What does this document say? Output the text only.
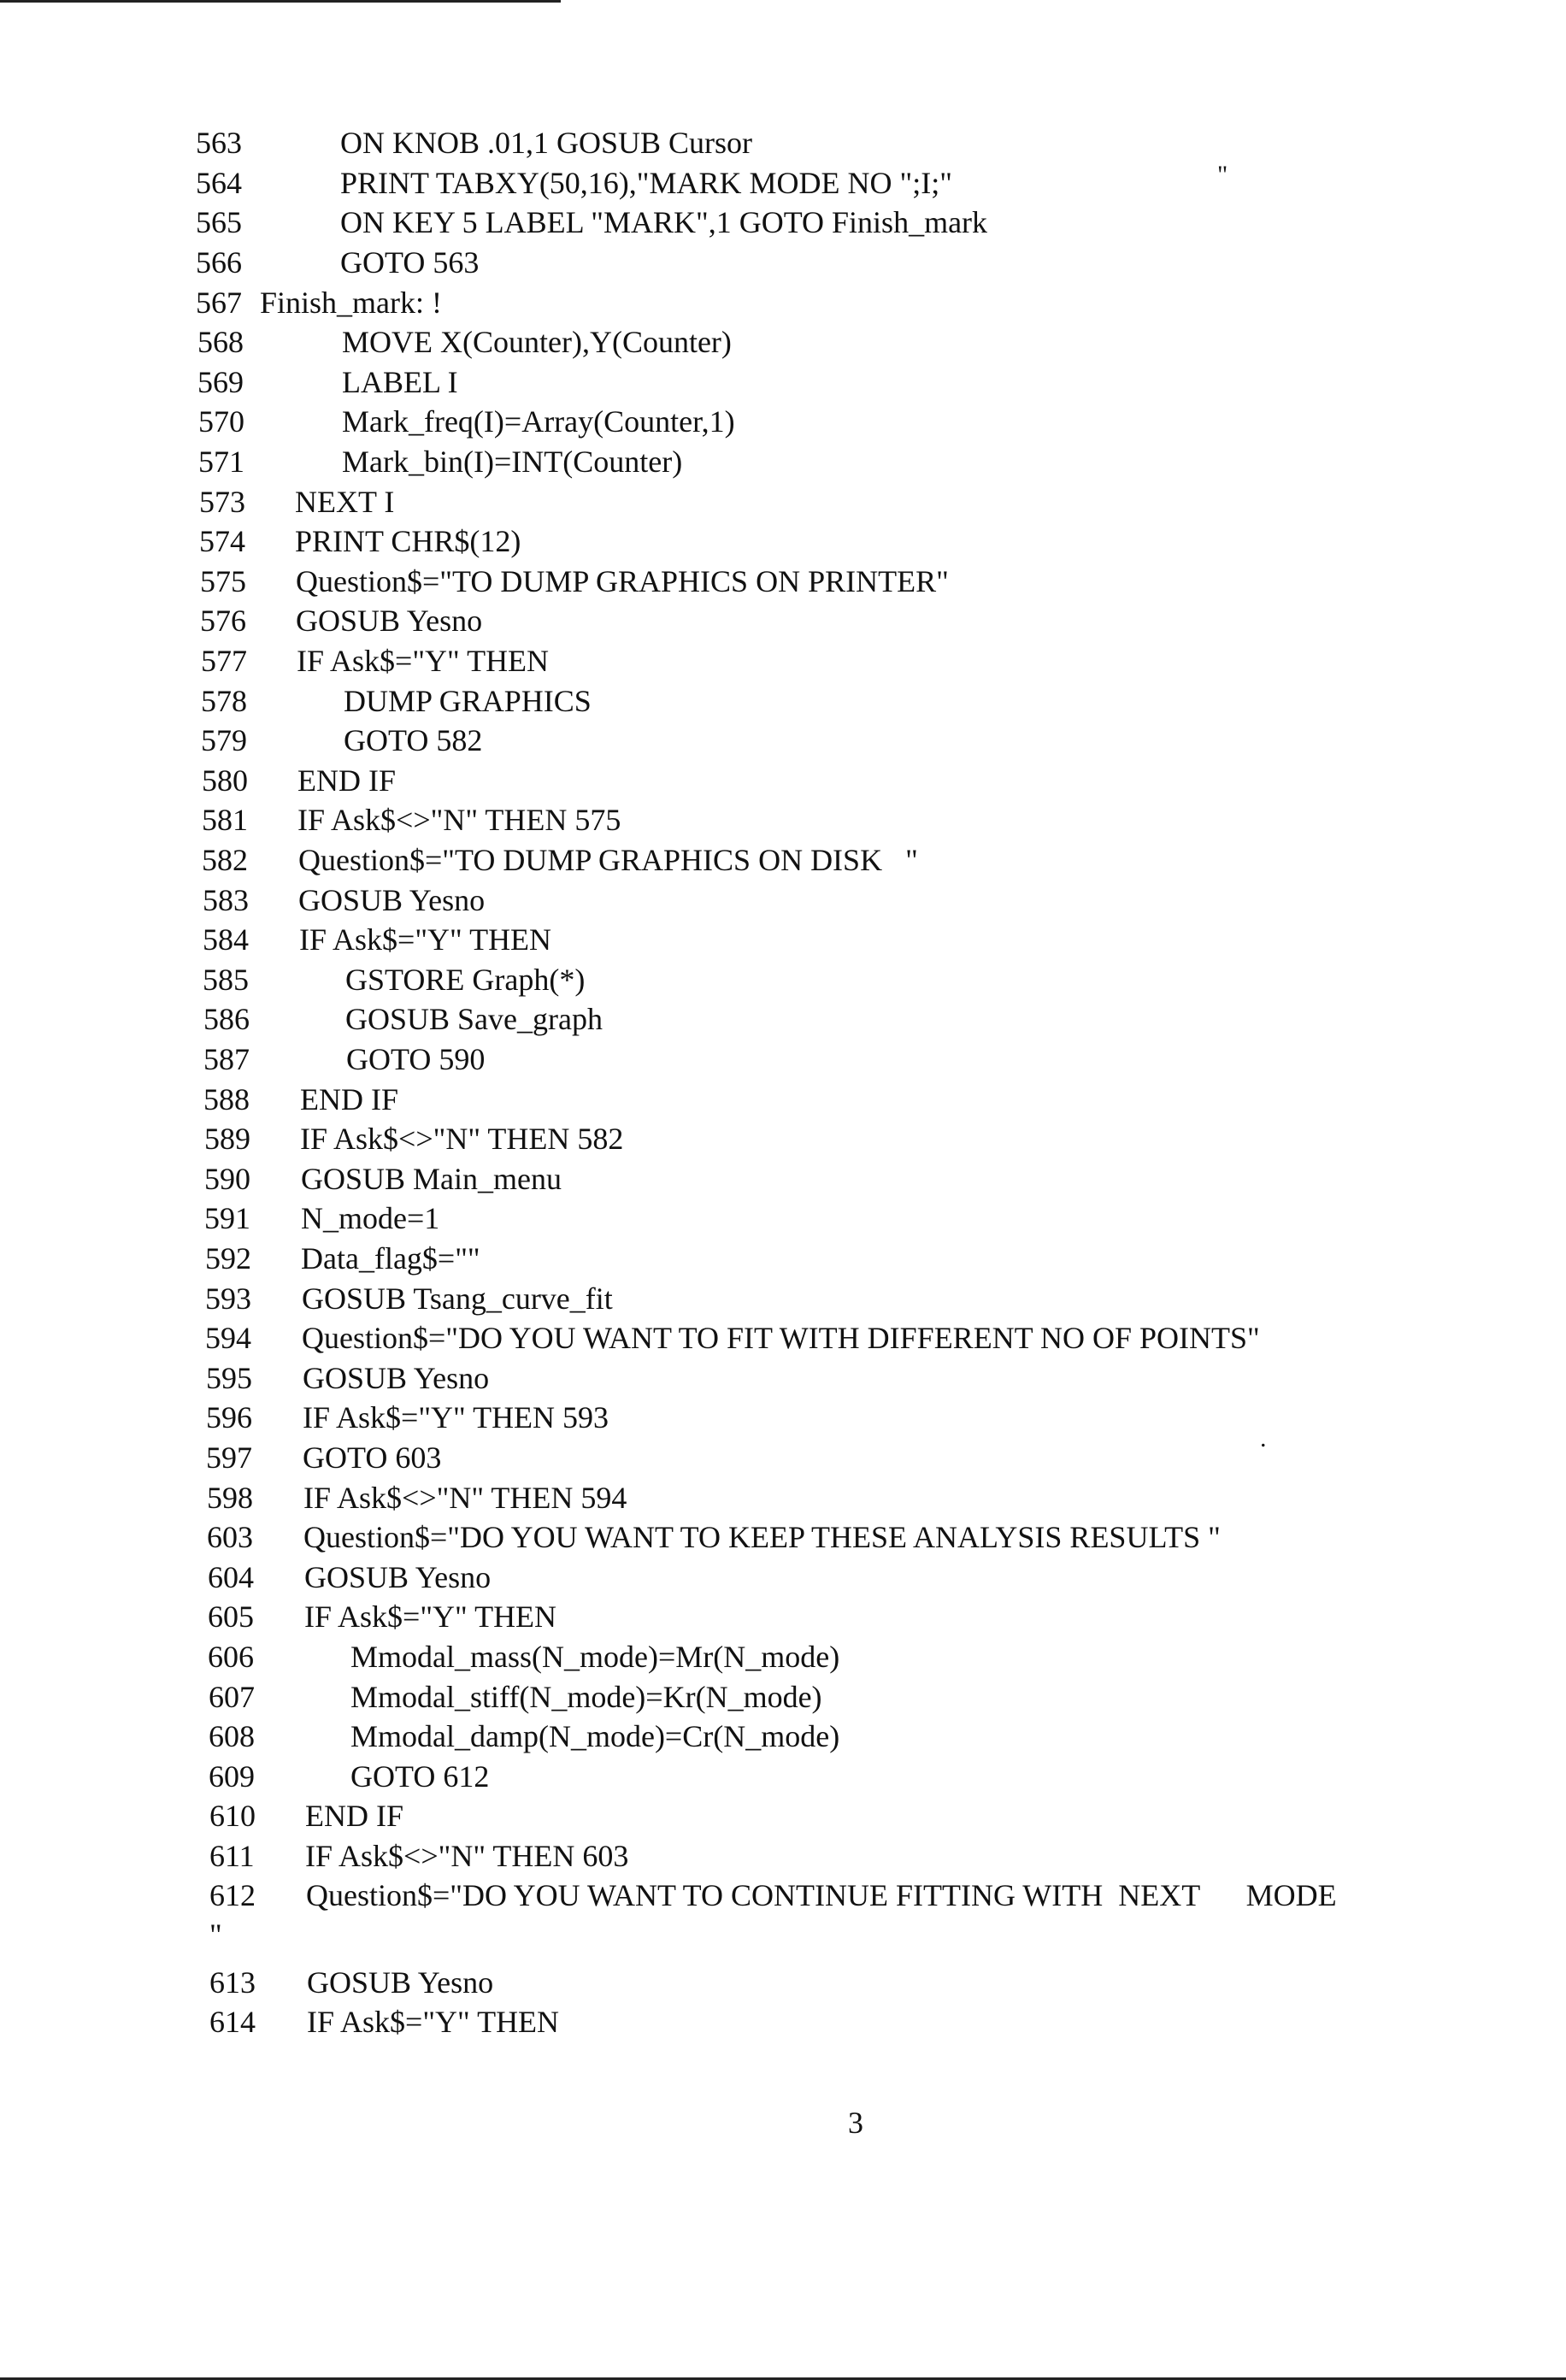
563	ON KNOB .01,1 GOSUB Cursor
564	PRINT TABXY(50,16),"MARK MODE NO ";I;"
565	ON KEY 5 LABEL "MARK",1 GOTO Finish_mark
566	GOTO 563
567 Finish_mark: !
568	MOVE X(Counter),Y(Counter)
569	LABEL I
570	Mark_freq(I)=Array(Counter,1)
571	Mark_bin(I)=INT(Counter)
573 NEXT I
574 PRINT CHR$(12)
575 Question$="TO DUMP GRAPHICS ON PRINTER"
576 GOSUB Yesno
577 IF Ask$="Y" THEN
578	DUMP GRAPHICS
579	GOTO 582
580 END IF
581 IF Ask$<>"N" THEN 575
582 Question$="TO DUMP GRAPHICS ON DISK   "
583 GOSUB Yesno
584 IF Ask$="Y" THEN
585	GSTORE Graph(*)
586	GOSUB Save_graph
587	GOTO 590
588 END IF
589 IF Ask$<>"N" THEN 582
590 GOSUB Main_menu
591 N_mode=1
592 Data_flag$=""
593 GOSUB Tsang_curve_fit
594 Question$="DO YOU WANT TO FIT WITH DIFFERENT NO OF POINTS"
595 GOSUB Yesno
596 IF Ask$="Y" THEN 593
597 GOTO 603
598 IF Ask$<>"N" THEN 594
603 Question$="DO YOU WANT TO KEEP THESE ANALYSIS RESULTS "
604 GOSUB Yesno
605 IF Ask$="Y" THEN
606	Mmodal_mass(N_mode)=Mr(N_mode)
607	Mmodal_stiff(N_mode)=Kr(N_mode)
608	Mmodal_damp(N_mode)=Cr(N_mode)
609	GOTO 612
610 END IF
611 IF Ask$<>"N" THEN 603
612 Question$="DO YOU WANT TO CONTINUE FITTING WITH  NEXT      MODE
"
613 GOSUB Yesno
614 IF Ask$="Y" THEN
"
.
3
